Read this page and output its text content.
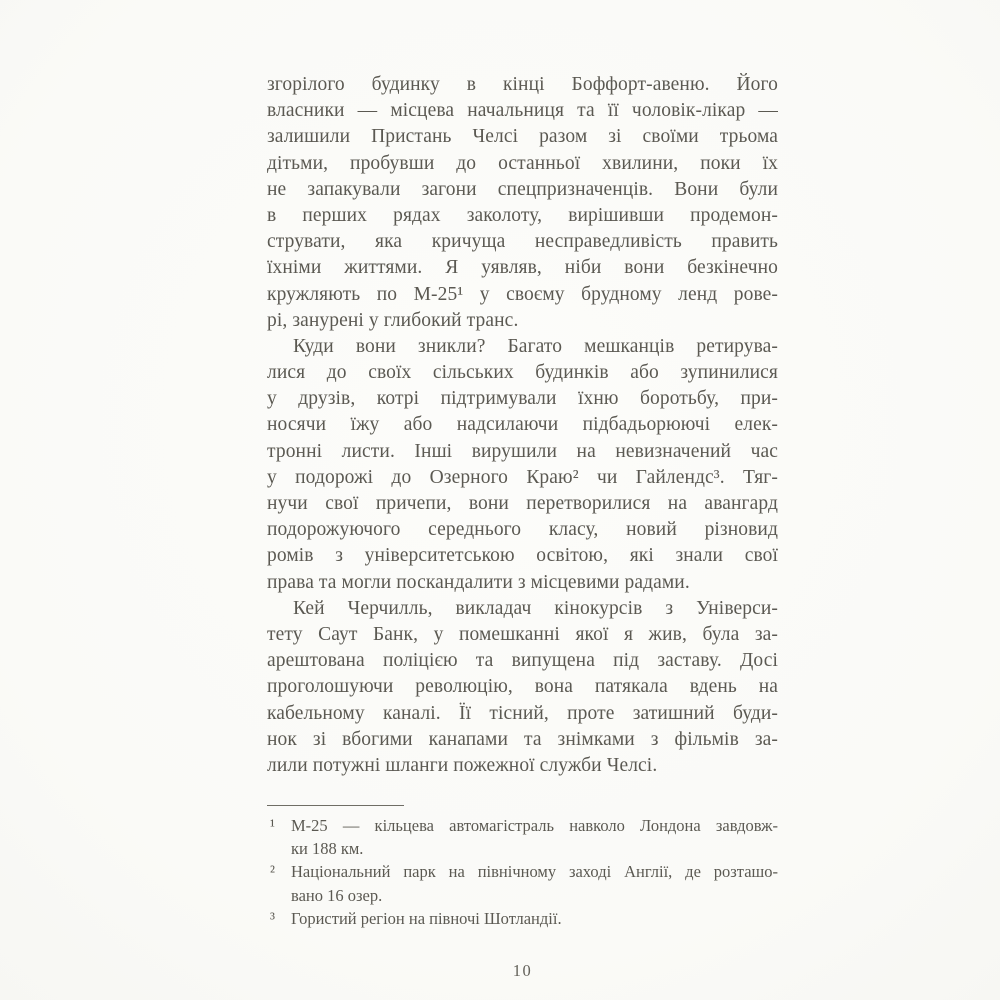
згорілого будинку в кінці Боффорт-авеню. Його
власники — місцева начальниця та її чоловік-лікар —
залишили Пристань Челсі разом зі своїми трьома
дітьми, пробувши до останньої хвилини, поки їх
не запакували загони спецпризначенців. Вони були
в перших рядах заколоту, вирішивши продемон-
струвати, яка кричуща несправедливість править
їхніми життями. Я уявляв, ніби вони безкінечно
кружляють по М-25¹ у своєму брудному ленд рове-
рі, занурені у глибокий транс.
Куди вони зникли? Багато мешканців ретирува-
лися до своїх сільських будинків або зупинилися
у друзів, котрі підтримували їхню боротьбу, при-
носячи їжу або надсилаючи підбадьорюючі елек-
тронні листи. Інші вирушили на невизначений час
у подорожі до Озерного Краю² чи Гайлендс³. Тяг-
нучи свої причепи, вони перетворилися на авангард
подорожуючого середнього класу, новий різновид
ромів з університетською освітою, які знали свої
права та могли поскандалити з місцевими радами.
Кей Черчилль, викладач кінокурсів з Універси-
тету Саут Банк, у помешканні якої я жив, була за-
арештована поліцією та випущена під заставу. Досі
проголошуючи революцію, вона патякала вдень на
кабельному каналі. Її тісний, проте затишний буди-
нок зі вбогими канапами та знімками з фільмів за-
лили потужні шланги пожежної служби Челсі.
¹ М-25 — кільцева автомагістраль навколо Лондона завдовж-
ки 188 км.
² Національний парк на північному заході Англії, де розташо-
вано 16 озер.
³ Гористий регіон на півночі Шотландії.
10
